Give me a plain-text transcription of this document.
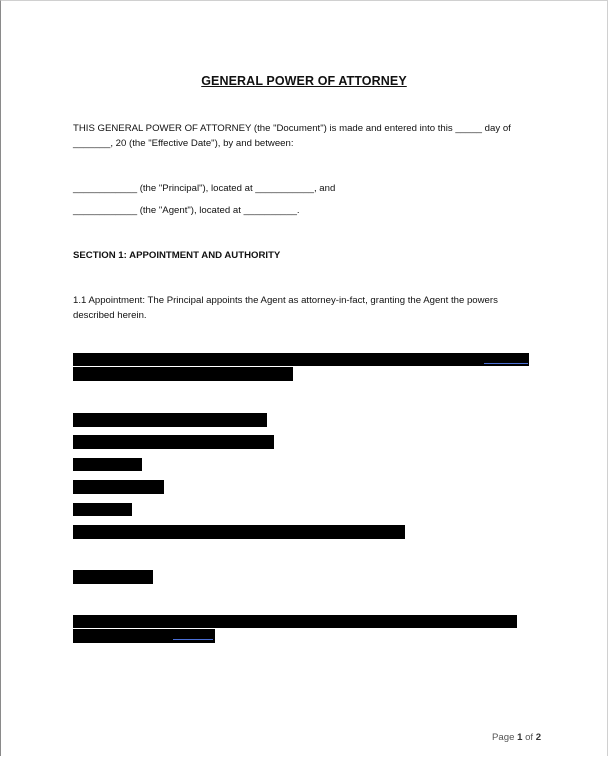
GENERAL POWER OF ATTORNEY
THIS GENERAL POWER OF ATTORNEY (the "Document") is made and entered into this _____ day of
_______, 20 (the "Effective Date"), by and between:
____________ (the "Principal"), located at ___________, and
____________ (the "Agent"), located at __________.
SECTION 1: APPOINTMENT AND AUTHORITY
1.1 Appointment: The Principal appoints the Agent as attorney-in-fact, granting the Agent the powers
described herein.
Page 1 of 2
